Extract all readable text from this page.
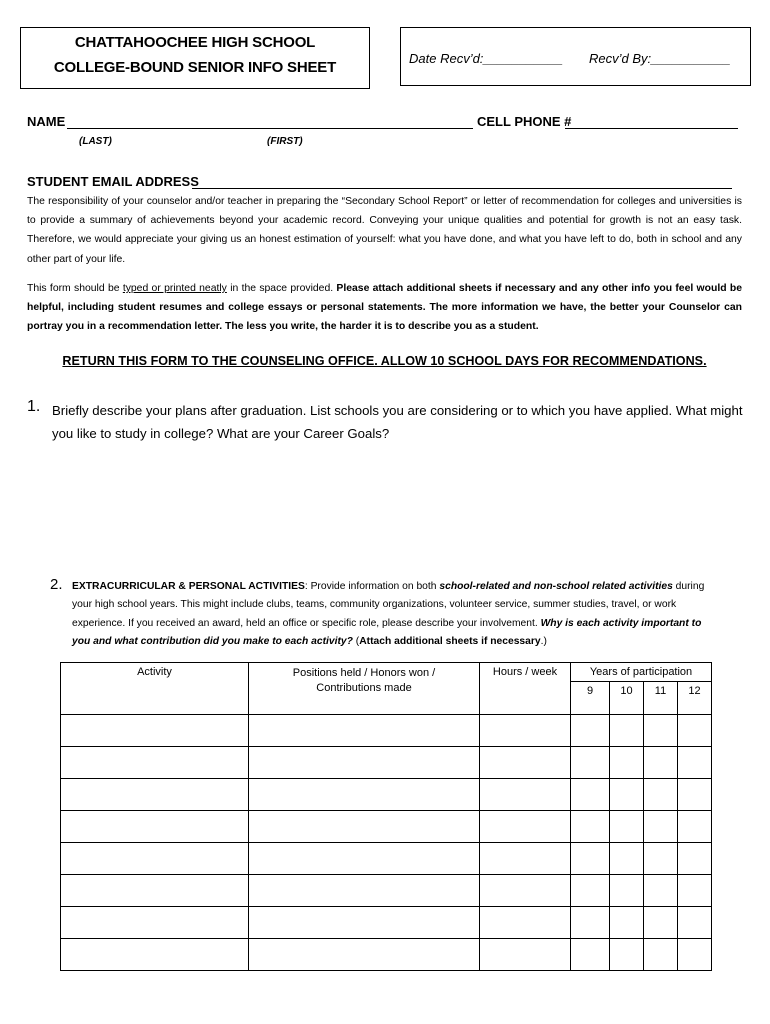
CHATTAHOOCHEE HIGH SCHOOL
COLLEGE-BOUND SENIOR INFO SHEET
Date Recv’d:___________ Recv’d By:___________
NAME	CELL PHONE #
(LAST)	(FIRST)
STUDENT EMAIL ADDRESS

The responsibility of your counselor and/or teacher in preparing the “Secondary School Report” or letter of recommendation for colleges and universities is to provide a summary of achievements beyond your academic record. Conveying your unique qualities and potential for growth is not an easy task. Therefore, we would appreciate your giving us an honest estimation of yourself: what you have done, and what you have left to do, both in school and any other part of your life.

This form should be typed or printed neatly in the space provided. Please attach additional sheets if necessary and any other info you feel would be helpful, including student resumes and college essays or personal statements. The more information we have, the better your Counselor can portray you in a recommendation letter. The less you write, the harder it is to describe you as a student.

RETURN THIS FORM TO THE COUNSELING OFFICE. ALLOW 10 SCHOOL DAYS FOR RECOMMENDATIONS.
1. Briefly describe your plans after graduation. List schools you are considering or to which you have applied. What might you like to study in college? What are your Career Goals?
2. EXTRACURRICULAR & PERSONAL ACTIVITIES: Provide information on both school-related and non-school related activities during your high school years. This might include clubs, teams, community organizations, volunteer service, summer studies, travel, or work experience. If you received an award, held an office or specific role, please describe your involvement. Why is each activity important to you and what contribution did you make to each activity? (Attach additional sheets if necessary.)
Activity	Positions held / Honors won / Contributions made	Hours / week	Years of participation			
			9	10	11	12
